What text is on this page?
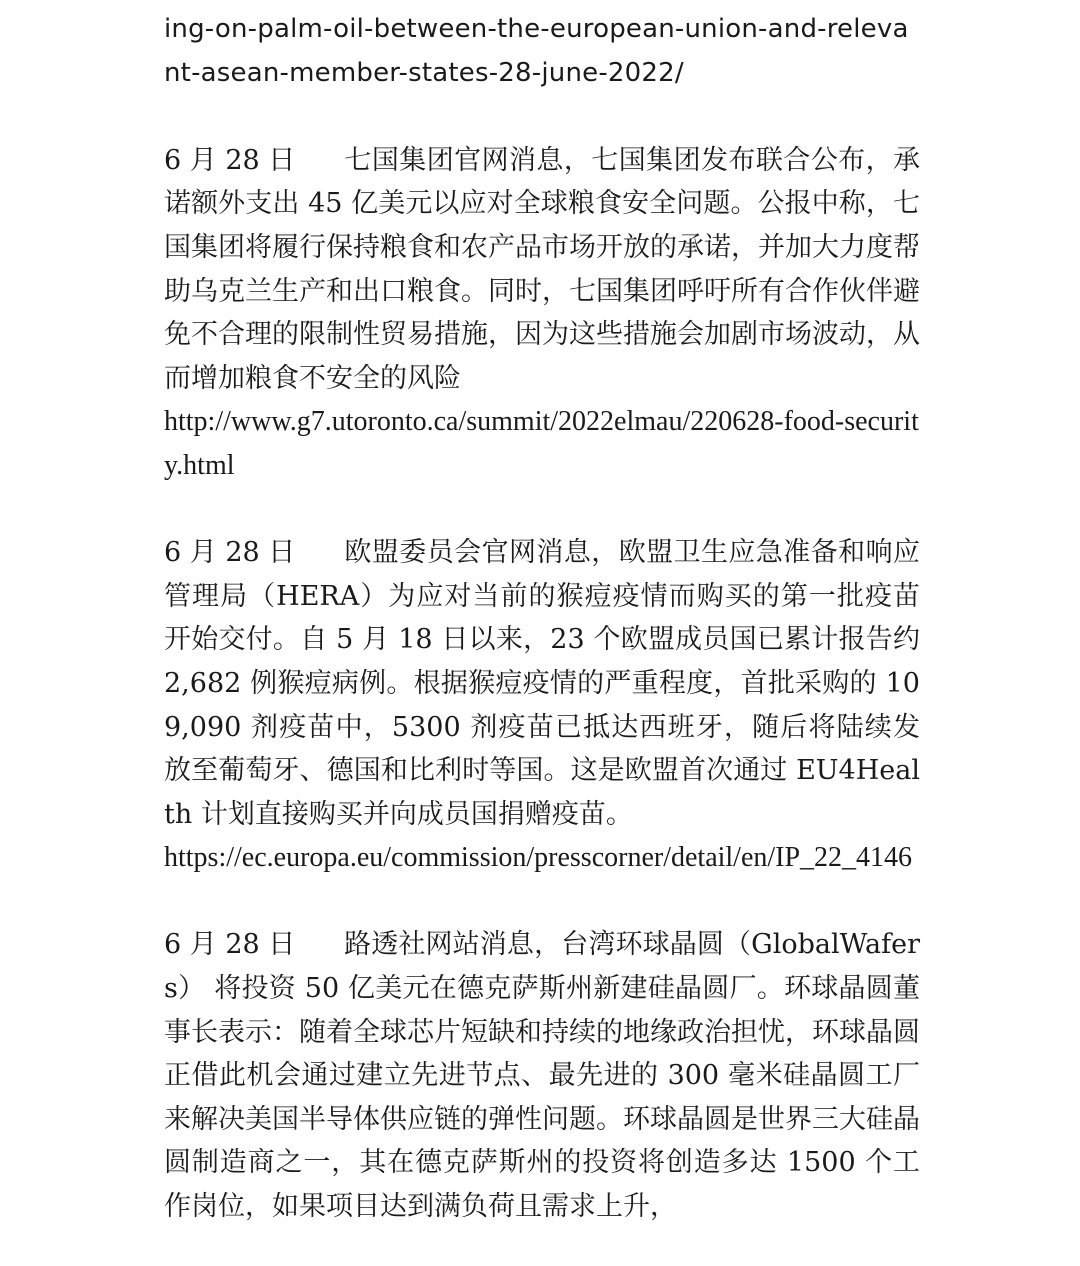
ing-on-palm-oil-between-the-european-union-and-relevant-asean-member-states-28-june-2022/
6 月 28 日 七国集团官网消息，七国集团发布联合公布，承诺额外支出 45 亿美元以应对全球粮食安全问题。公报中称，七国集团将履行保持粮食和农产品市场开放的承诺，并加大力度帮助乌克兰生产和出口粮食。同时，七国集团呼吁所有合作伙伴避免不合理的限制性贸易措施，因为这些措施会加剧市场波动，从而增加粮食不安全的风险
http://www.g7.utoronto.ca/summit/2022elmau/220628-food-security.html
6 月 28 日 欧盟委员会官网消息，欧盟卫生应急准备和响应管理局（HERA）为应对当前的猴痘疫情而购买的第一批疫苗开始交付。自 5 月 18 日以来，23 个欧盟成员国已累计报告约 2,682 例猴痘病例。根据猴痘疫情的严重程度，首批采购的 109,090 剂疫苗中，5300 剂疫苗已抵达西班牙，随后将陆续发放至葡萄牙、德国和比利时等国。这是欧盟首次通过 EU4Health 计划直接购买并向成员国捐赠疫苗。
https://ec.europa.eu/commission/presscorner/detail/en/IP_22_4146
6 月 28 日 路透社网站消息，台湾环球晶圆（GlobalWafers） 将投资 50 亿美元在德克萨斯州新建硅晶圆厂。环球晶圆董事长表示：随着全球芯片短缺和持续的地缘政治担忧，环球晶圆正借此机会通过建立先进节点、最先进的 300 毫米硅晶圆工厂来解决美国半导体供应链的弹性问题。环球晶圆是世界三大硅晶圆制造商之一，其在德克萨斯州的投资将创造多达 1500 个工作岗位，如果项目达到满负荷且需求上升，
